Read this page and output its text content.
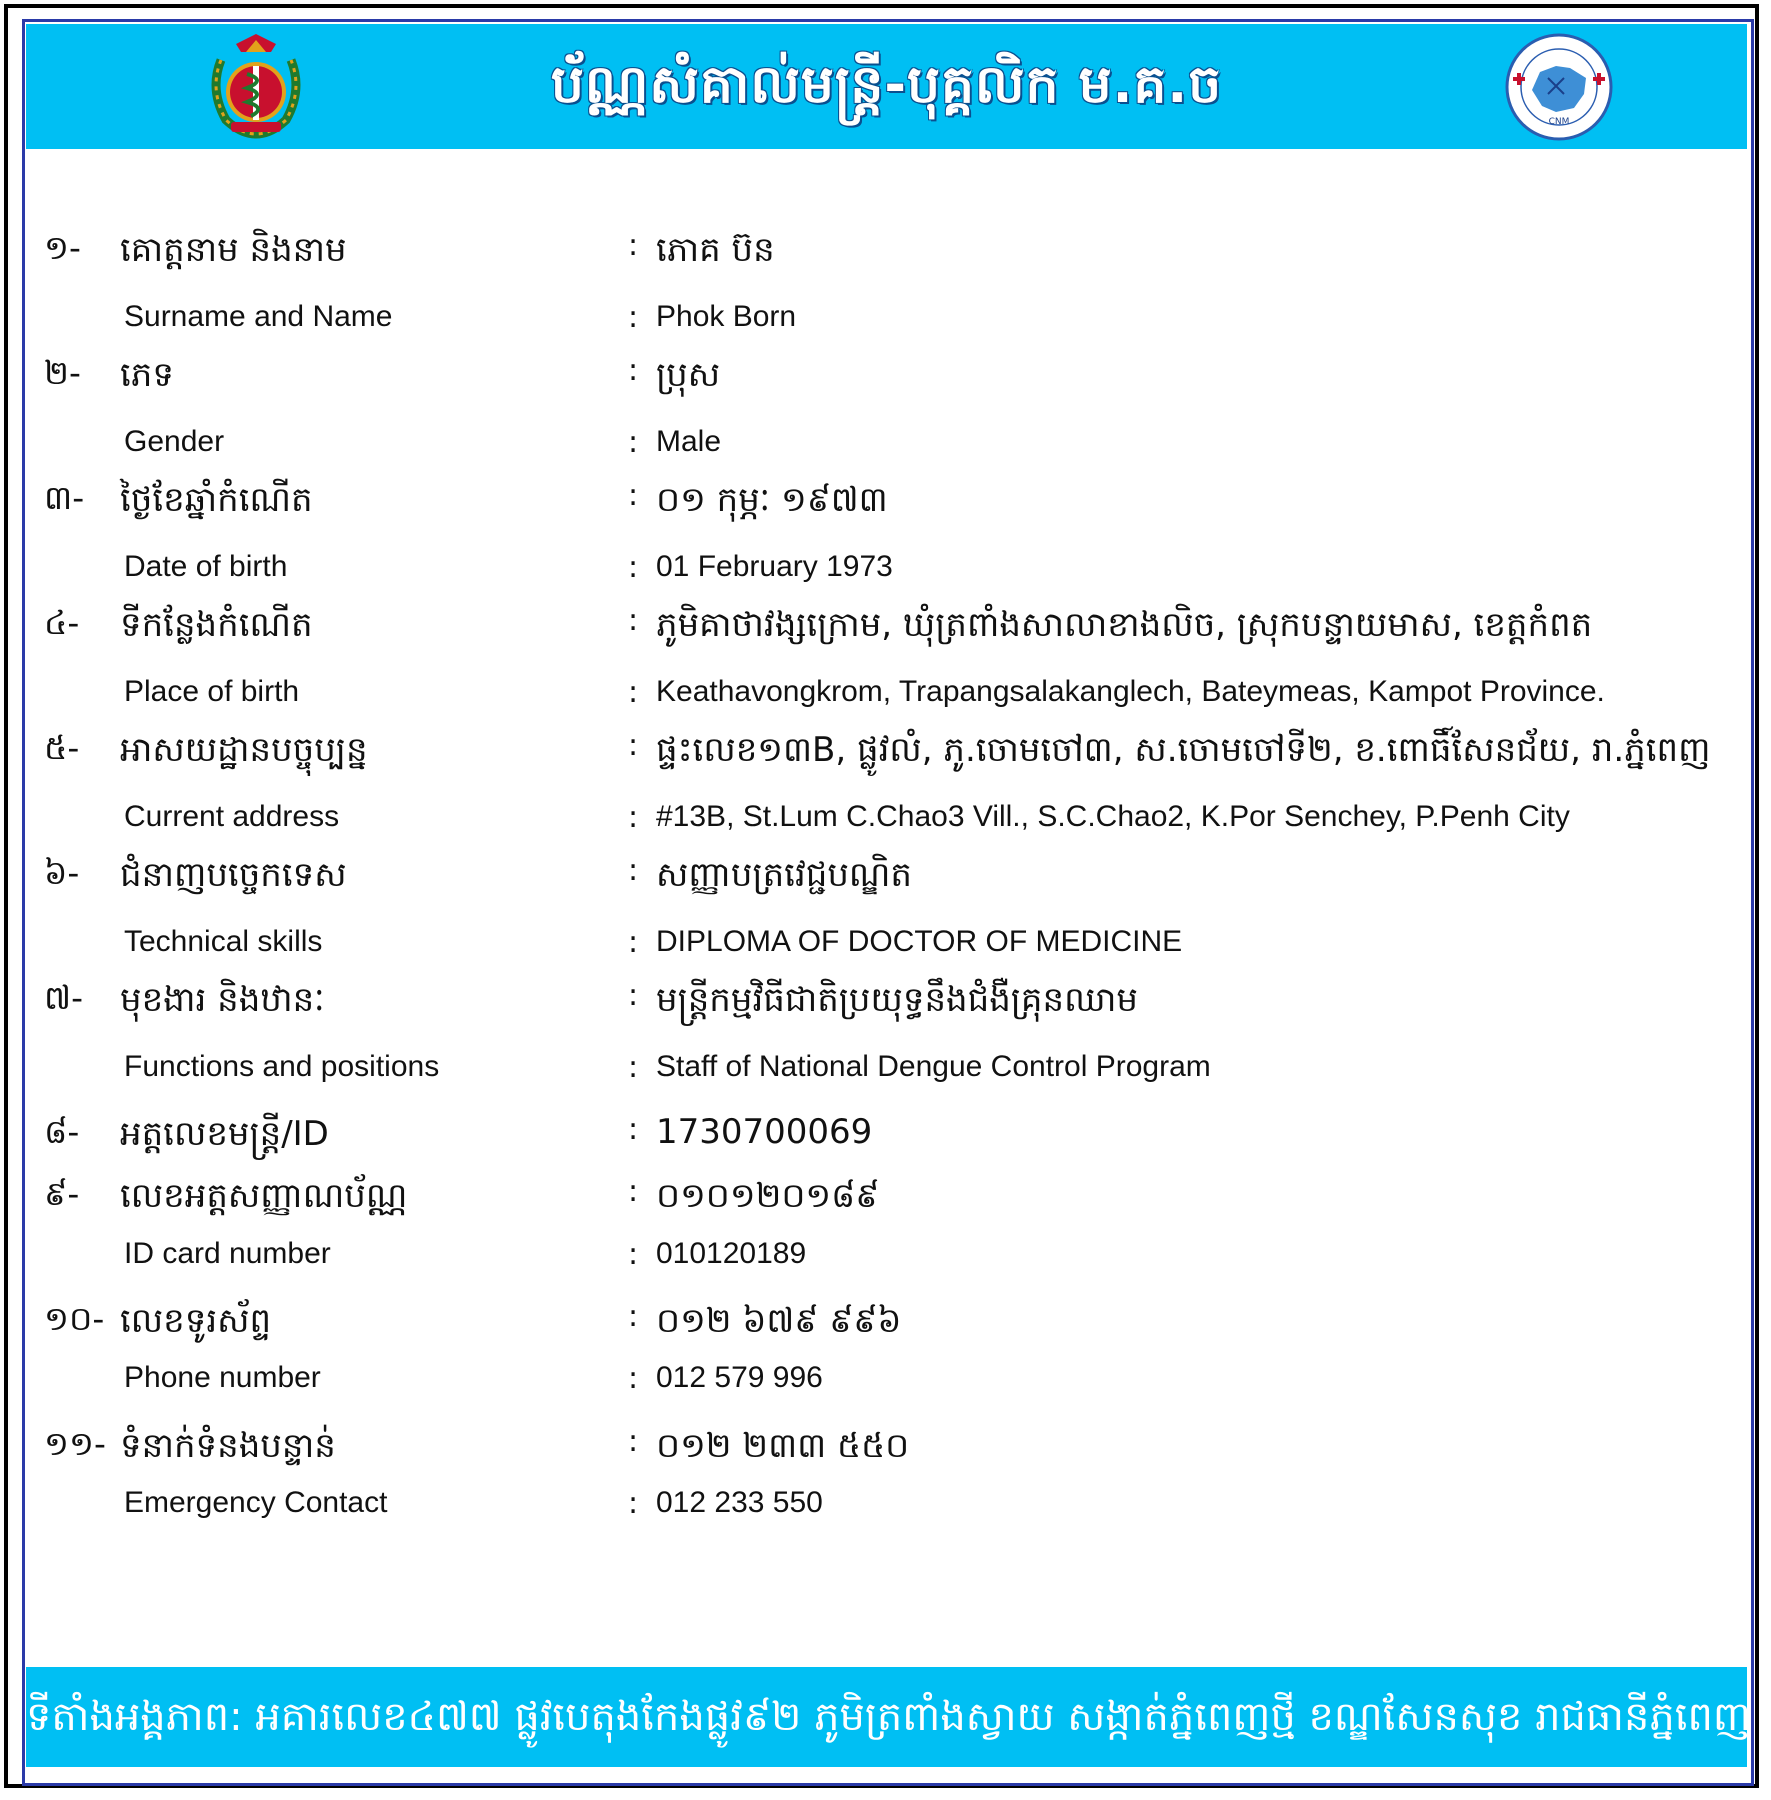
ប័ណ្ណសំគាល់មន្ត្រី-បុគ្គលិក ម.គ.ច
CNM
១- គោត្តនាម និងនាម	: ភោគ ប៊ន
Surname and Name	: Phok Born
២- ភេទ	: ប្រុស
Gender	: Male
៣- ថ្ងៃខែឆ្នាំកំណើត	: ០១ កុម្ភៈ ១៩៧៣
Date of birth	: 01 February 1973
៤- ទីកន្លែងកំណើត	: ភូមិគាថាវង្សក្រោម, ឃុំត្រពាំងសាលាខាងលិច, ស្រុកបន្ទាយមាស, ខេត្តកំពត
Place of birth	: Keathavongkrom, Trapangsalakanglech, Bateymeas, Kampot Province.
៥- អាសយដ្ឋានបច្ចុប្បន្ន	: ផ្ទះលេខ១៣B, ផ្លូវលំ, ភូ.ចោមចៅ៣, ស.ចោមចៅទី២, ខ.ពោធិ៍សែនជ័យ, រា.ភ្នំពេញ
Current address	: #13B, St.Lum C.Chao3 Vill., S.C.Chao2, K.Por Senchey, P.Penh City
៦- ជំនាញបច្ចេកទេស	: សញ្ញាបត្រវេជ្ជបណ្ឌិត
Technical skills	: DIPLOMA OF DOCTOR OF MEDICINE
៧- មុខងារ និងឋានៈ	: មន្ត្រីកម្មវិធីជាតិប្រយុទ្ធនឹងជំងឺគ្រុនឈាម
Functions and positions	: Staff of National Dengue Control Program
៨- អត្តលេខមន្ត្រី/ID	: 1730700069
៩- លេខអត្តសញ្ញាណប័ណ្ណ	: ០១០១២០១៨៩
ID card number	: 010120189
១០- លេខទូរស័ព្ទ	: ០១២ ៦៧៩ ៩៩៦
Phone number	: 012 579 996
១១- ទំនាក់ទំនងបន្ទាន់	: ០១២ ២៣៣ ៥៥០
Emergency Contact	: 012 233 550
ទីតាំងអង្គភាព: អគារលេខ៤៧៧ ផ្លូវបេតុងកែងផ្លូវ៩២ ភូមិត្រពាំងស្វាយ សង្កាត់ភ្នំពេញថ្មី ខណ្ឌសែនសុខ រាជធានីភ្នំពេញ
